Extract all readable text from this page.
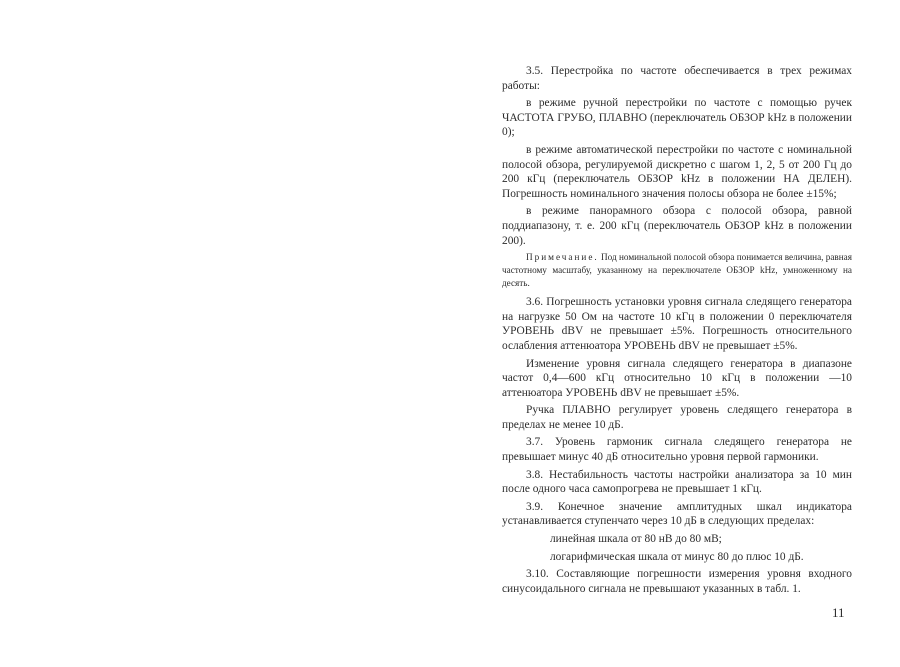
3.5. Перестройка по частоте обеспечивается в трех режимах работы:

в режиме ручной перестройки по частоте с помощью ручек ЧАСТОТА ГРУБО, ПЛАВНО (переключатель ОБЗОР kHz в положении 0);

в режиме автоматической перестройки по частоте с номинальной полосой обзора, регулируемой дискретно с шагом 1, 2, 5 от 200 Гц до 200 кГц (переключатель ОБЗОР kHz в положении НА ДЕЛЕН). Погрешность номинального значения полосы обзора не более ±15%;

в режиме панорамного обзора с полосой обзора, равной поддиапазону, т. е. 200 кГц (переключатель ОБЗОР kHz в положении 200).

Примечание. Под номинальной полосой обзора понимается величина, равная частотному масштабу, указанному на переключателе ОБЗОР kHz, умноженному на десять.

3.6. Погрешность установки уровня сигнала следящего генератора на нагрузке 50 Ом на частоте 10 кГц в положении 0 переключателя УРОВЕНЬ dBV не превышает ±5%. Погрешность относительного ослабления аттенюатора УРОВЕНЬ dBV не превышает ±5%.

Изменение уровня сигнала следящего генератора в диапазоне частот 0,4—600 кГц относительно 10 кГц в положении —10 аттенюатора УРОВЕНЬ dBV не превышает ±5%.

Ручка ПЛАВНО регулирует уровень следящего генератора в пределах не менее 10 дБ.

3.7. Уровень гармоник сигнала следящего генератора не превышает минус 40 дБ относительно уровня первой гармоники.

3.8. Нестабильность частоты настройки анализатора за 10 мин после одного часа самопрогрева не превышает 1 кГц.

3.9. Конечное значение амплитудных шкал индикатора устанавливается ступенчато через 10 дБ в следующих пределах:

линейная шкала от 80 нВ до 80 мВ;

логарифмическая шкала от минус 80 до плюс 10 дБ.

3.10. Составляющие погрешности измерения уровня входного синусоидального сигнала не превышают указанных в табл. 1.

11
